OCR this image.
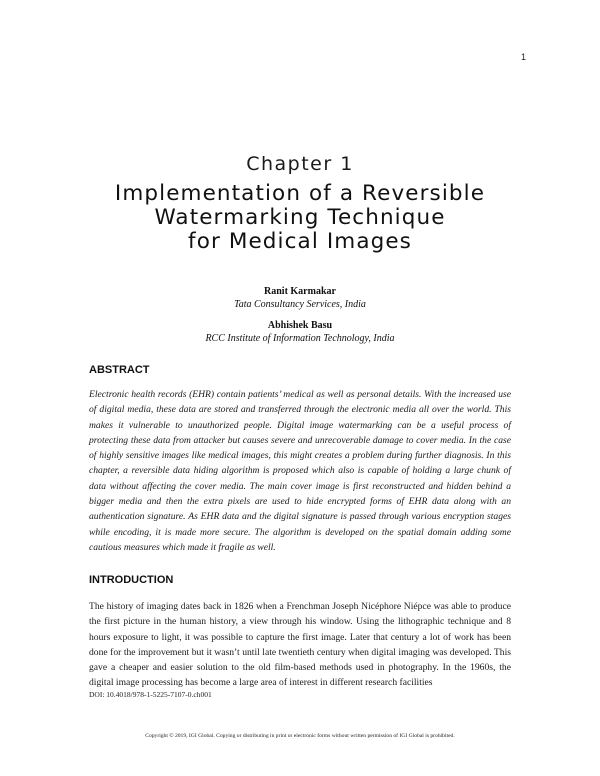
1
Chapter 1
Implementation of a Reversible
Watermarking Technique
for Medical Images
Ranit Karmakar
Tata Consultancy Services, India
Abhishek Basu
RCC Institute of Information Technology, India
ABSTRACT
Electronic health records (EHR) contain patients’ medical as well as personal details. With the increased use of digital media, these data are stored and transferred through the electronic media all over the world. This makes it vulnerable to unauthorized people. Digital image watermarking can be a useful process of protecting these data from attacker but causes severe and unrecoverable damage to cover media. In the case of highly sensitive images like medical images, this might creates a problem during further diagnosis. In this chapter, a reversible data hiding algorithm is proposed which also is capable of holding a large chunk of data without affecting the cover media. The main cover image is first reconstructed and hidden behind a bigger media and then the extra pixels are used to hide encrypted forms of EHR data along with an authentication signature. As EHR data and the digital signature is passed through various encryption stages while encoding, it is made more secure. The algorithm is developed on the spatial domain adding some cautious measures which made it fragile as well.
INTRODUCTION
The history of imaging dates back in 1826 when a Frenchman Joseph Nicéphore Niépce was able to produce the first picture in the human history, a view through his window. Using the lithographic technique and 8 hours exposure to light, it was possible to capture the first image. Later that century a lot of work has been done for the improvement but it wasn’t until late twentieth century when digital imaging was developed. This gave a cheaper and easier solution to the old film-based methods used in photography. In the 1960s, the digital image processing has become a large area of interest in different research facilities
DOI: 10.4018/978-1-5225-7107-0.ch001
Copyright © 2019, IGI Global. Copying or distributing in print or electronic forms without written permission of IGI Global is prohibited.
